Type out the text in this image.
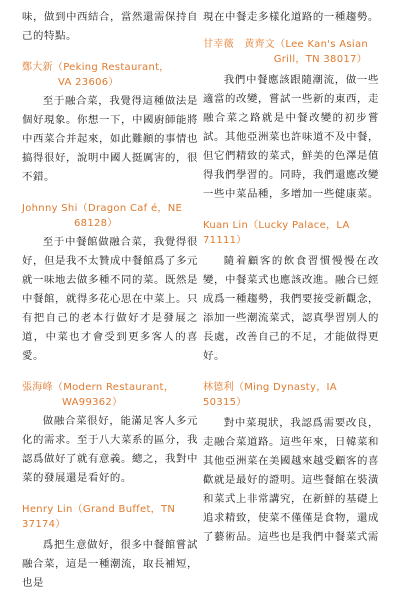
味，做到中西結合，當然還需保持自己的特點。

鄭大新（Peking Restaurant，
VA 23606）

至于融合菜，我覺得這種做法是個好現象。你想一下，中國廚師能將中西菜合并起來，如此難顚的事情也搞得很好，說明中國人挺厲害的，很不錯。

Johnny Shi（Dragon Caf é，NE
68128）

至于中餐館做融合菜，我覺得很好，但是我不太贊成中餐館爲了多元就一味地去做多種不同的菜。既然是中餐館，就得多花心思在中菜上。只有把自己的老本行做好才是發展之道，中菜也才會受到更多客人的喜愛。

張海峰（Modern Restaurant，
WA99362）

做融合菜很好，能滿足客人多元化的需求。至于八大菜系的區分，我認爲做好了就有意義。總之，我對中菜的發展還是看好的。

Henry Lin（Grand Buffet，TN　37174）

爲把生意做好，很多中餐館嘗試融合菜，這是一種潮流，取長補短，也是

現在中餐走多樣化道路的一種趨勢。

甘幸薇　黄齊文（Lee Kan's Asian
Grill，TN 38017）

我們中餐應該跟隨潮流，做一些適當的改變，嘗試一些新的東西，走融合菜之路就是中餐改變的初步嘗試。其他亞洲菜也許味道不及中餐，但它們精致的菜式，鮮美的色澤是值得我們學習的。同時，我們還應改變一些中菜品種，多增加一些健康菜。

Kuan Lin（Lucky Palace，LA
71111）

隨着顧客的飲食習慣慢慢在改變，中餐菜式也應該改進。融合已經成爲一種趨勢，我們要接受新觀念，添加一些潮流菜式，認真學習別人的長處，改善自己的不足，才能做得更好。

林德利（Ming Dynasty，IA　50315）

對中菜現狀，我認爲需要改良，走融合菜道路。這些年來，日韓菜和其他亞洲菜在美國越來越受顧客的喜歡就是最好的證明。這些餐館在裝潢和菜式上非常講究，在新鮮的基礎上追求精致，使菜不僅僅是食物，還成了藝術品。這些也是我們中餐菜式需
